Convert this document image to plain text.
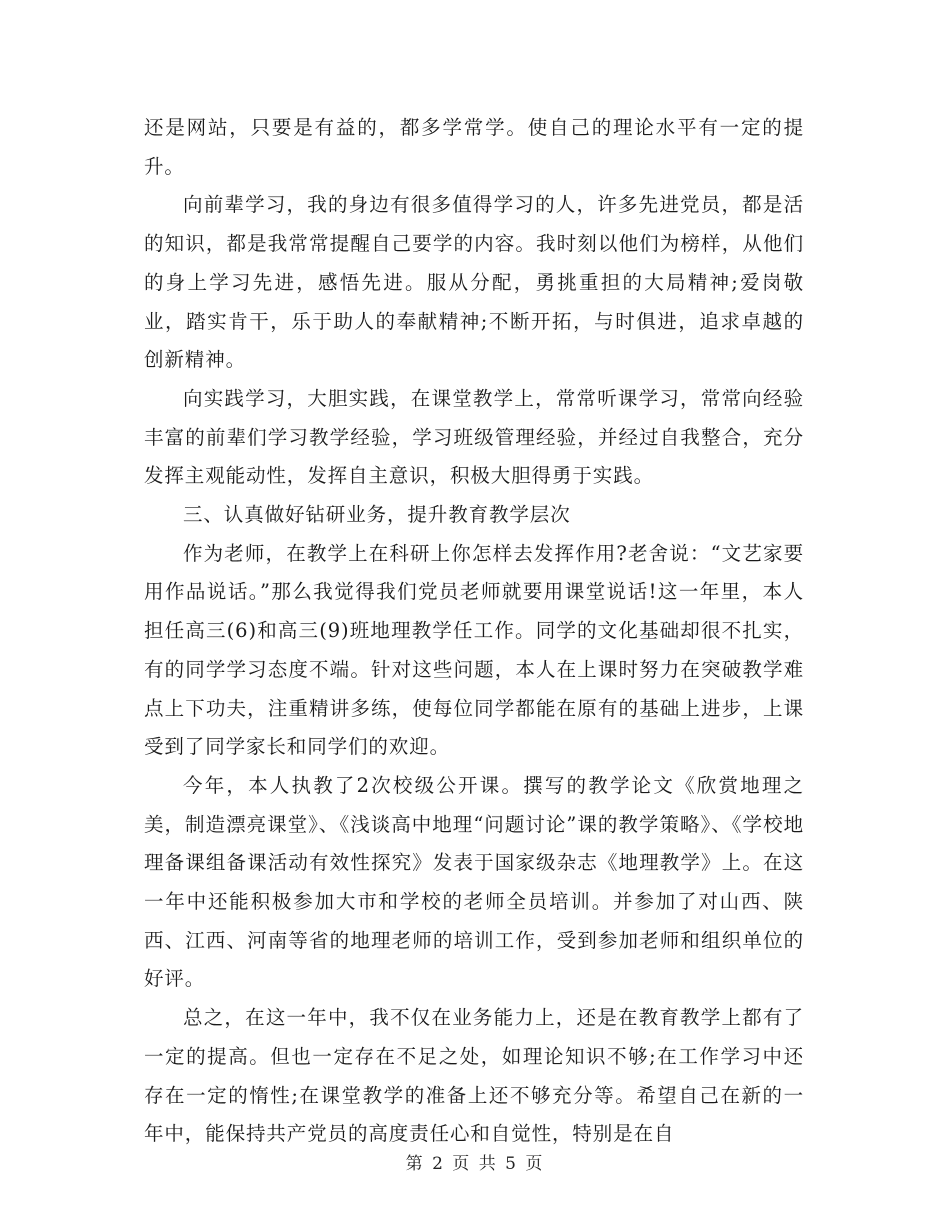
还是网站，只要是有益的，都多学常学。使自己的理论水平有一定的提升。

向前辈学习，我的身边有很多值得学习的人，许多先进党员，都是活的知识，都是我常常提醒自己要学的内容。我时刻以他们为榜样，从他们的身上学习先进，感悟先进。服从分配，勇挑重担的大局精神;爱岗敬业，踏实肯干，乐于助人的奉献精神;不断开拓，与时俱进，追求卓越的创新精神。

向实践学习，大胆实践，在课堂教学上，常常听课学习，常常向经验丰富的前辈们学习教学经验，学习班级管理经验，并经过自我整合，充分发挥主观能动性，发挥自主意识，积极大胆得勇于实践。

三、认真做好钻研业务，提升教育教学层次

作为老师，在教学上在科研上你怎样去发挥作用?老舍说：“文艺家要用作品说话。”那么我觉得我们党员老师就要用课堂说话!这一年里，本人担任高三(6)和高三(9)班地理教学任工作。同学的文化基础却很不扎实，有的同学学习态度不端。针对这些问题，本人在上课时努力在突破教学难点上下功夫，注重精讲多练，使每位同学都能在原有的基础上进步，上课受到了同学家长和同学们的欢迎。

今年，本人执教了2次校级公开课。撰写的教学论文《欣赏地理之美，制造漂亮课堂》、《浅谈高中地理“问题讨论”课的教学策略》、《学校地理备课组备课活动有效性探究》发表于国家级杂志《地理教学》上。在这一年中还能积极参加大市和学校的老师全员培训。并参加了对山西、陕西、江西、河南等省的地理老师的培训工作，受到参加老师和组织单位的好评。

总之，在这一年中，我不仅在业务能力上，还是在教育教学上都有了一定的提高。但也一定存在不足之处，如理论知识不够;在工作学习中还存在一定的惰性;在课堂教学的准备上还不够充分等。希望自己在新的一年中，能保持共产党员的高度责任心和自觉性，特别是在自

第 2 页 共 5 页
